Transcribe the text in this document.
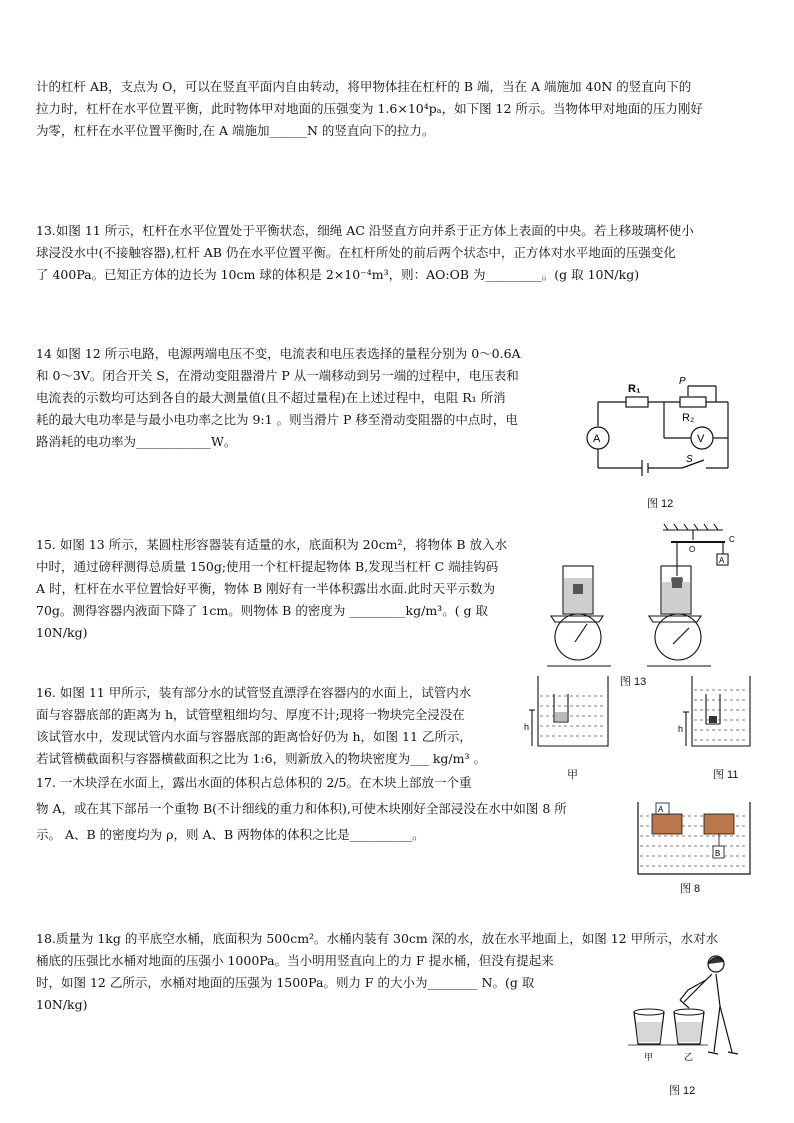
计的杠杆 AB，支点为 O，可以在竖直平面内自由转动，将甲物体挂在杠杆的 B 端，当在 A 端施加 40N 的竖直向下的

拉力时，杠杆在水平位置平衡，此时物体甲对地面的压强变为 1.6×10⁴pₐ，如下图 12 所示。当物体甲对地面的压力刚好

为零，杠杆在水平位置平衡时,在 A 端施加______N 的竖直向下的拉力。

13.如图 11 所示，杠杆在水平位置处于平衡状态，细绳 AC 沿竖直方向并系于正方体上表面的中央。若上移玻璃杯使小

球浸没水中(不接触容器),杠杆 AB 仍在水平位置平衡。在杠杆所处的前后两个状态中，正方体对水平地面的压强变化

了 400Pa。已知正方体的边长为 10cm 球的体积是 2×10⁻⁴m³，则：AO:OB 为_________。(g 取 10N/kg)

14 如图 12 所示电路，电源两端电压不变，电流表和电压表选择的量程分别为 0～0.6A

和 0～3V。闭合开关 S，在滑动变阻器滑片 P 从一端移动到另一端的过程中，电压表和

电流表的示数均可达到各自的最大测量值(且不超过量程)在上述过程中，电阻 R₁ 所消

耗的最大电功率是与最小电功率之比为 9:1 。则当滑片 P 移至滑动变阻器的中点时，电

路消耗的电功率为____________W。

R₁
R₂
P
A	V
S
图 12

15. 如图 13 所示，某圆柱形容器装有适量的水，底面积为 20cm²，将物体 B 放入水

中时，通过磅秤测得总质量 150g;使用一个杠杆提起物体 B,发现当杠杆 C 端挂钩码

A 时，杠杆在水平位置恰好平衡，物体 B 刚好有一半体积露出水面.此时天平示数为

70g。测得容器内液面下降了 1cm。则物体 B 的密度为 _________kg/m³。( g 取

10N/kg)

O
C
A
图 13

16. 如图 11 甲所示，装有部分水的试管竖直漂浮在容器内的水面上，试管内水

面与容器底部的距离为 h，试管壁粗细均匀、厚度不计;现将一物块完全浸没在

该试管水中，发现试管内水面与容器底部的距离恰好仍为 h，如图 11 乙所示，

若试管横截面积与容器横截面积之比为 1:6，则新放入的物块密度为___ kg/m³ 。

h	h
甲	图 11

17. 一木块浮在水面上，露出水面的体积占总体积的 2/5。在木块上部放一个重

物 A，或在其下部吊一个重物 B(不计细线的重力和体积),可使木块刚好全部浸没在水中如图 8 所

示。 A、B 的密度均为 ρ，则 A、B 两物体的体积之比是__________。

A
B
图 8

18.质量为 1kg 的平底空水桶，底面积为 500cm²。水桶内装有 30cm 深的水，放在水平地面上，如图 12 甲所示，水对水

桶底的压强比水桶对地面的压强小 1000Pa。当小明用竖直向上的力 F 提水桶，但没有提起来

时，如图 12 乙所示，水桶对地面的压强为 1500Pa。则力 F 的大小为________ N。(g 取

10N/kg)

甲	乙
图 12
